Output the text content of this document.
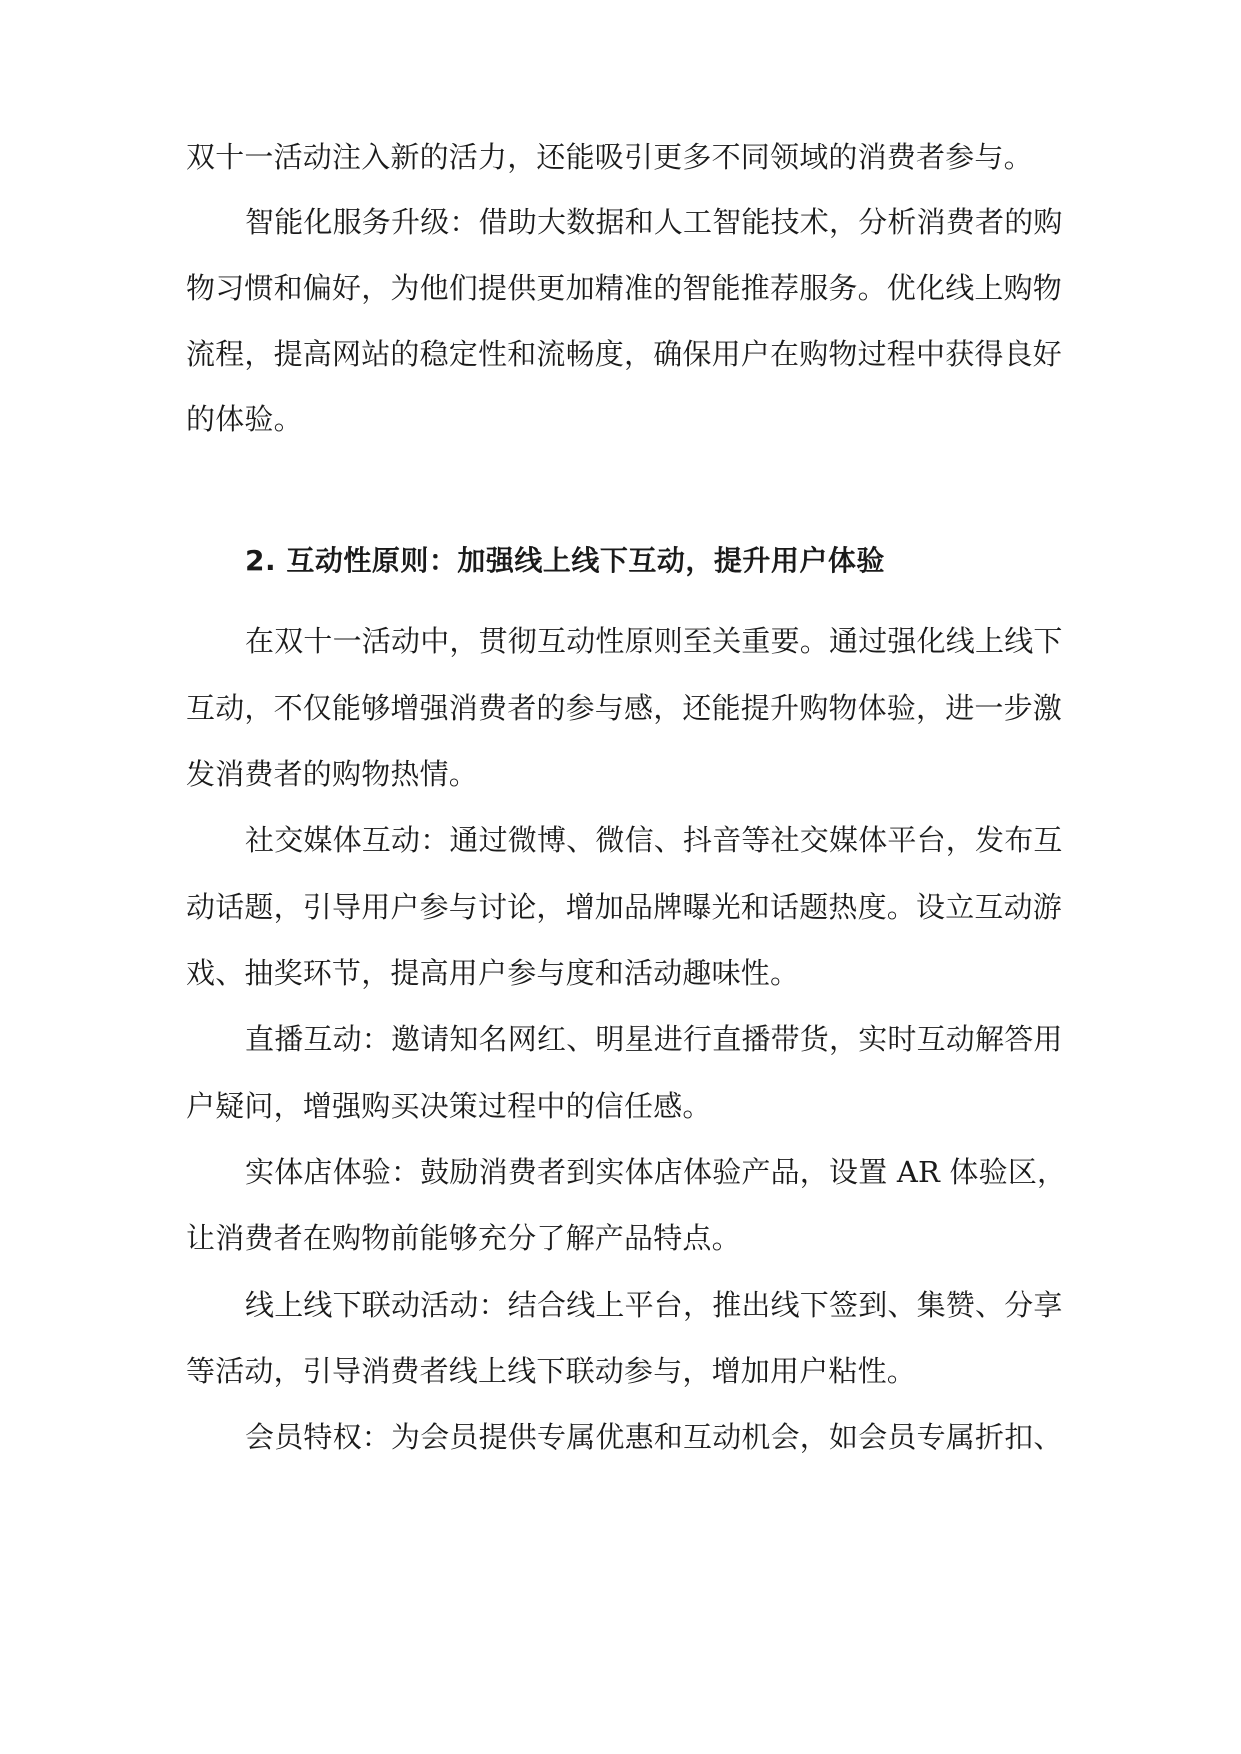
双十一活动注入新的活力，还能吸引更多不同领域的消费者参与。
智能化服务升级：借助大数据和人工智能技术，分析消费者的购
物习惯和偏好，为他们提供更加精准的智能推荐服务。优化线上购物
流程，提高网站的稳定性和流畅度，确保用户在购物过程中获得良好
的体验。
2. 互动性原则：加强线上线下互动，提升用户体验
在双十一活动中，贯彻互动性原则至关重要。通过强化线上线下
互动，不仅能够增强消费者的参与感，还能提升购物体验，进一步激
发消费者的购物热情。
社交媒体互动：通过微博、微信、抖音等社交媒体平台，发布互
动话题，引导用户参与讨论，增加品牌曝光和话题热度。设立互动游
戏、抽奖环节，提高用户参与度和活动趣味性。
直播互动：邀请知名网红、明星进行直播带货，实时互动解答用
户疑问，增强购买决策过程中的信任感。
实体店体验：鼓励消费者到实体店体验产品，设置 AR 体验区，
让消费者在购物前能够充分了解产品特点。
线上线下联动活动：结合线上平台，推出线下签到、集赞、分享
等活动，引导消费者线上线下联动参与，增加用户粘性。
会员特权：为会员提供专属优惠和互动机会，如会员专属折扣、
